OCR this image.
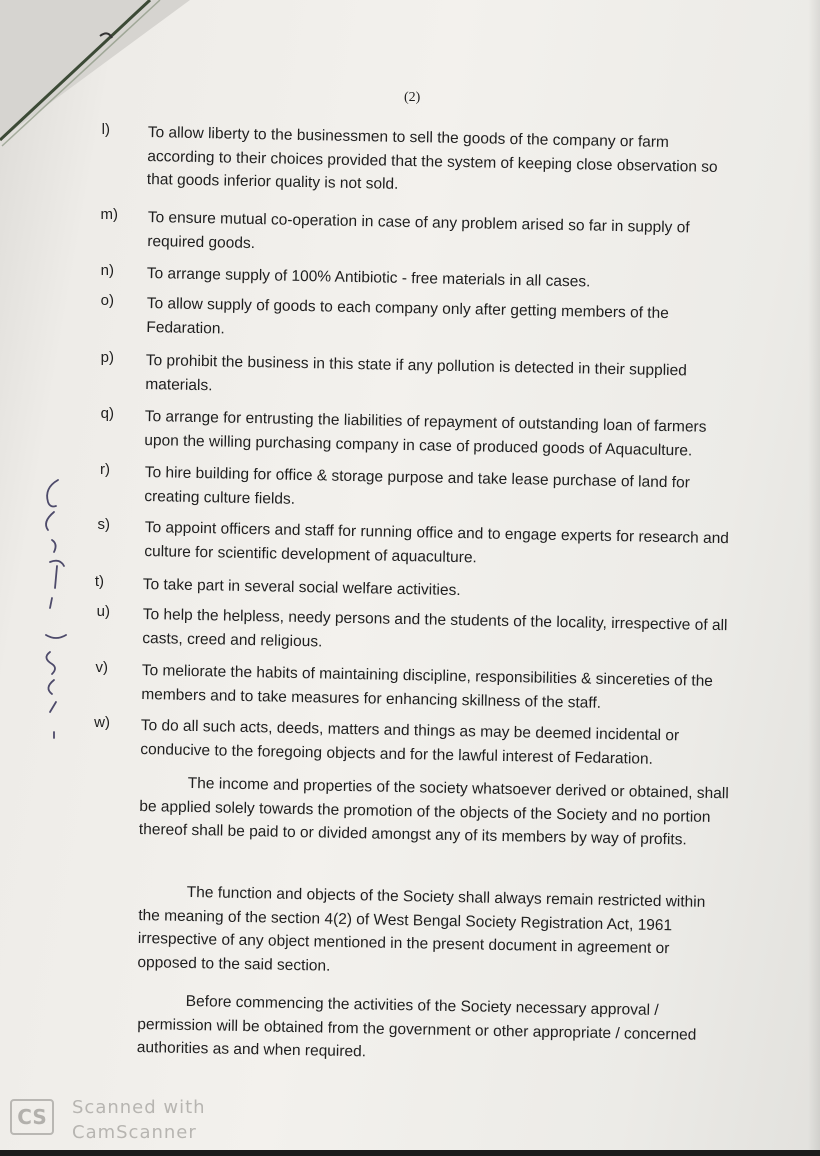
(2)
l) To allow liberty to the businessmen to sell the goods of the company or farm according to their choices provided that the system of keeping close observation so that goods inferior quality is not sold.
m) To ensure mutual co-operation in case of any problem arised so far in supply of required goods.
n) To arrange supply of 100% Antibiotic - free materials in all cases.
o) To allow supply of goods to each company only after getting members of the Fedaration.
p) To prohibit the business in this state if any pollution is detected in their supplied materials.
q) To arrange for entrusting the liabilities of repayment of outstanding loan of farmers upon the willing purchasing company in case of produced goods of Aquaculture.
r) To hire building for office & storage purpose and take lease purchase of land for creating culture fields.
s) To appoint officers and staff for running office and to engage experts for research and culture for scientific development of aquaculture.
t) To take part in several social welfare activities.
u) To help the helpless, needy persons and the students of the locality, irrespective of all casts, creed and religious.
v) To meliorate the habits of maintaining discipline, responsibilities & sincereties of the members and to take measures for enhancing skillness of the staff.
w) To do all such acts, deeds, matters and things as may be deemed incidental or conducive to the foregoing objects and for the lawful interest of Fedaration.
The income and properties of the society whatsoever derived or obtained, shall be applied solely towards the promotion of the objects of the Society and no portion thereof shall be paid to or divided amongst any of its members by way of profits.
The function and objects of the Society shall always remain restricted within the meaning of the section 4(2) of West Bengal Society Registration Act, 1961 irrespective of any object mentioned in the present document in agreement or opposed to the said section.
Before commencing the activities of the Society necessary approval / permission will be obtained from the government or other appropriate / concerned authorities as and when required.
CS	Scanned with
CamScanner
